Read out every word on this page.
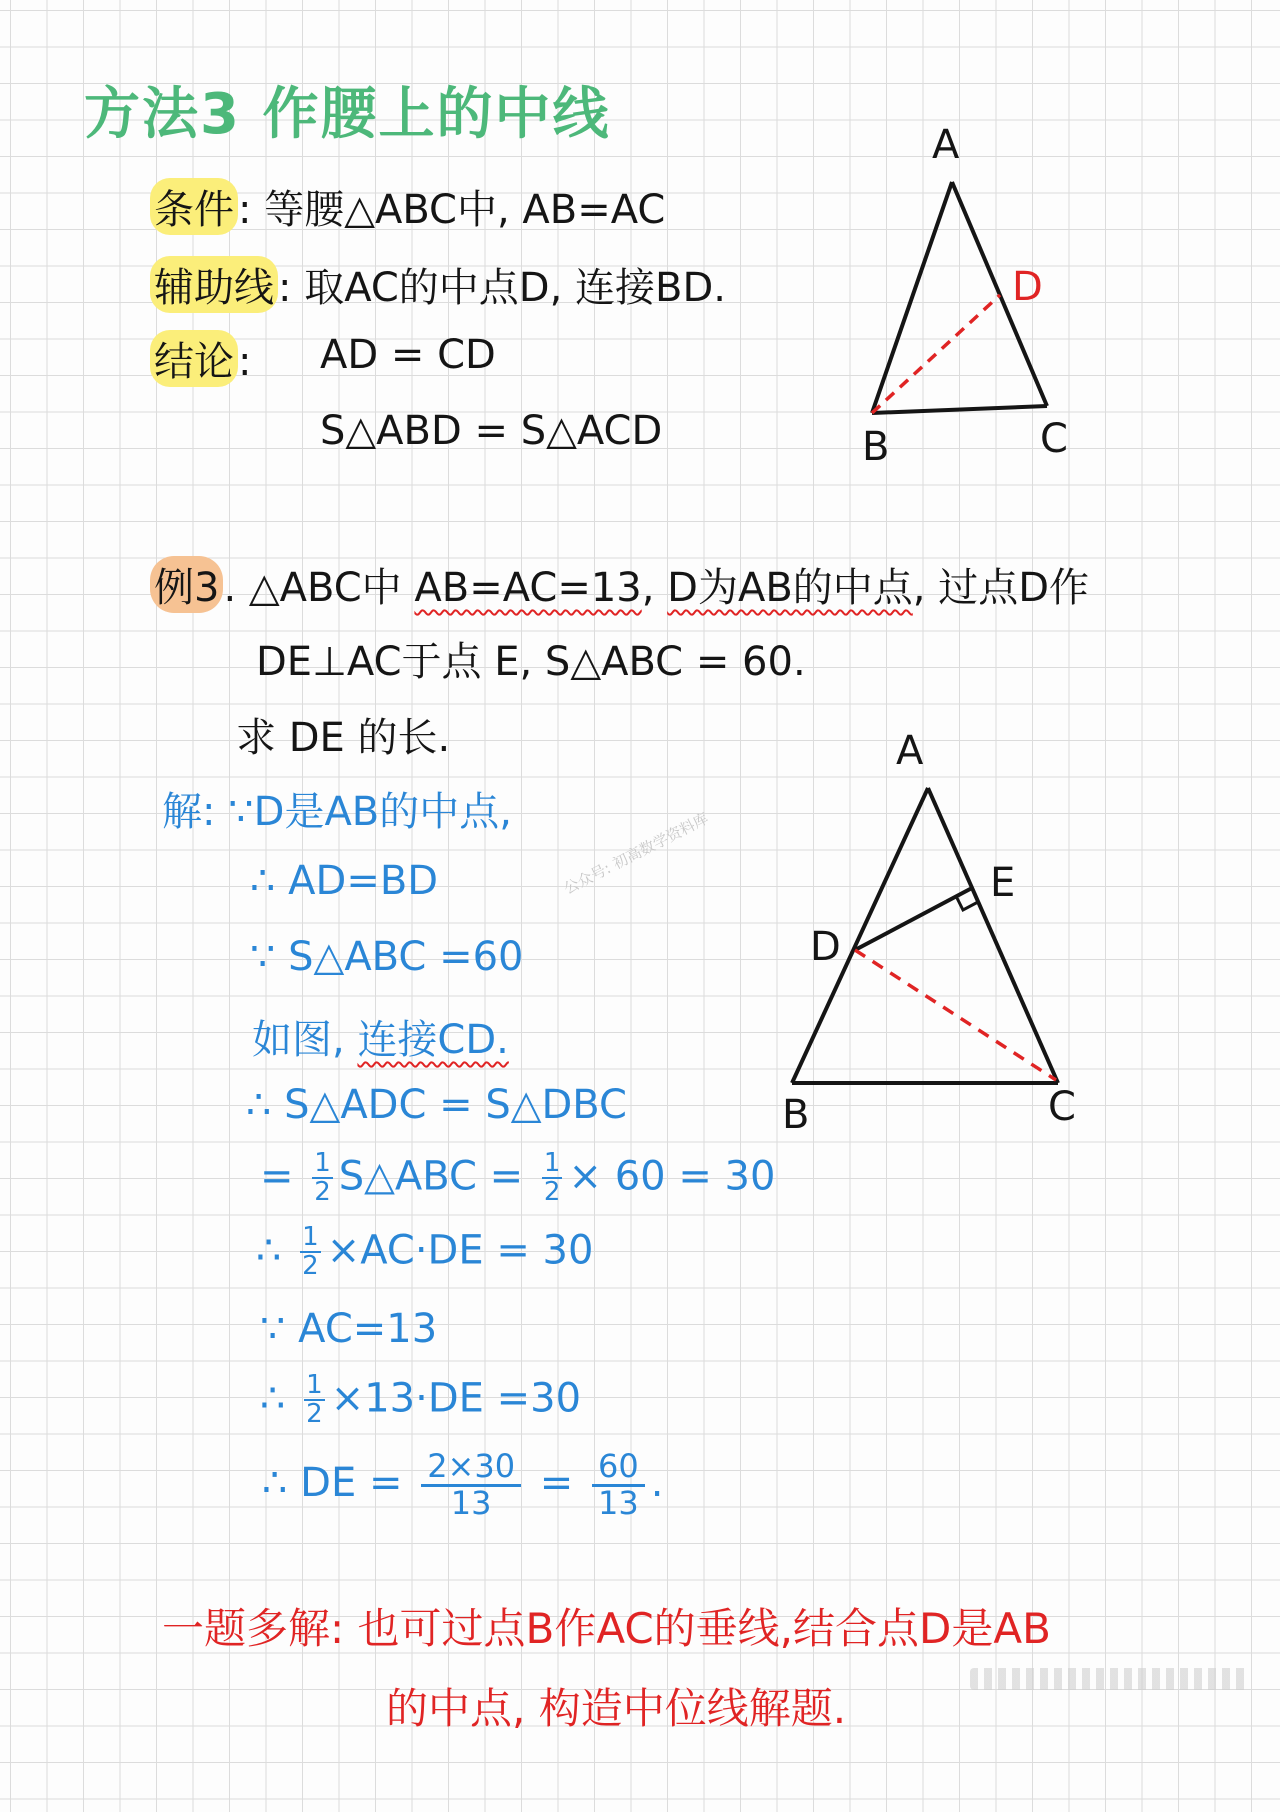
方法3 作腰上的中线
条件 : 等腰△ABC中, AB=AC
辅助线 : 取AC的中点D, 连接BD.
结论 : AD = CD
S△ABD = S△ACD
A
B	C
D
例3 . △ABC中 AB=AC=13, D为AB的中点, 过点D作
DE⊥AC于点 E, S△ABC = 60.
求 DE 的长.	A
B	C
D
E
解: ∵D是AB的中点,
∴ AD=BD
∵ S△ABC =60
如图, 连接CD.
∴ S△ADC = S△DBC
= $\frac{1}{2}$ S△ABC = $\frac{1}{2} \times 60 = 30$
∴ $\frac{1}{2} \times AC\cdot DE = 30$
∵ AC=13
∴ $\frac{1}{2} \times 13\cdot DE =30$
∴ DE = $\frac{2\times 30}{13} = \frac{60}{13}$ .
一题多解: 也可过点B作AC的垂线,结合点D是AB
的中点, 构造中位线解题.
公众号: 初高数学资料库
